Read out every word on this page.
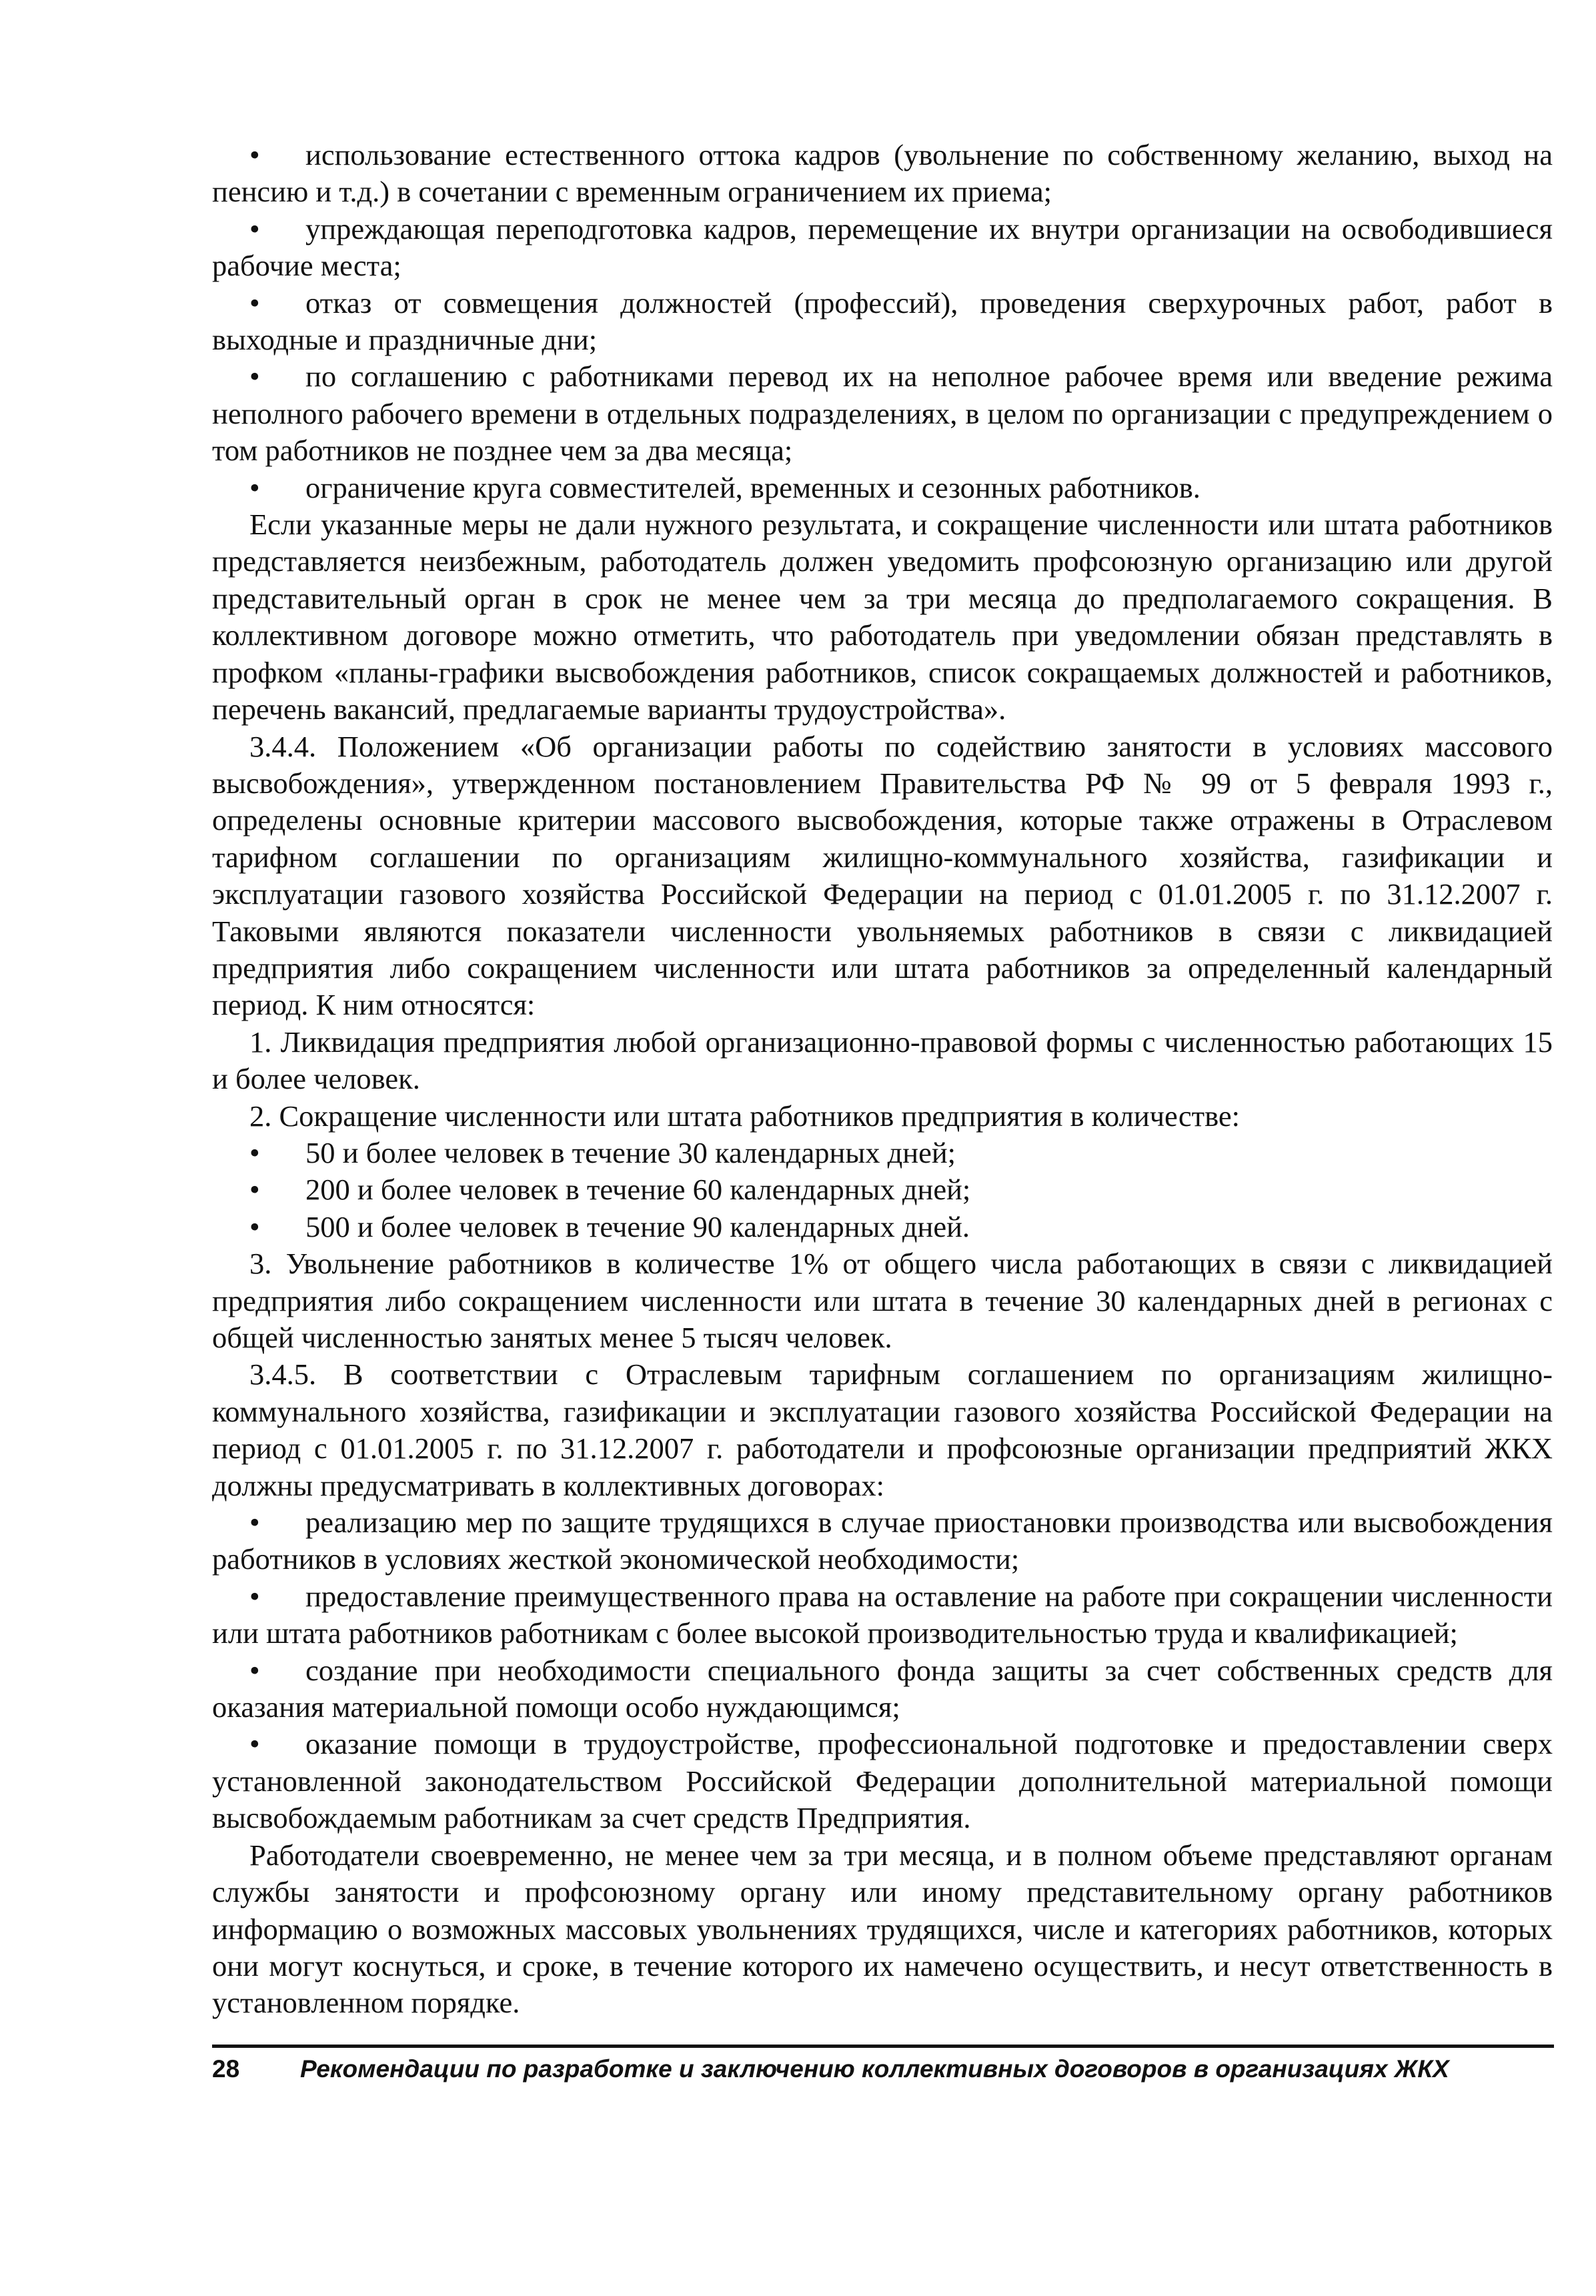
• использование естественного оттока кадров (увольнение по собственному желанию, выход на пенсию и т.д.) в сочетании с временным ограничением их приема;

• упреждающая переподготовка кадров, перемещение их внутри организации на освободившиеся рабочие места;

• отказ от совмещения должностей (профессий), проведения сверхурочных работ, работ в выходные и праздничные дни;

• по соглашению с работниками перевод их на неполное рабочее время или введение режима неполного рабочего времени в отдельных подразделениях, в целом по организации с предупреждением о том работников не позднее чем за два месяца;

• ограничение круга совместителей, временных и сезонных работников.

Если указанные меры не дали нужного результата, и сокращение численности или штата работников представляется неизбежным, работодатель должен уведомить профсоюзную организацию или другой представительный орган в срок не менее чем за три месяца до предполагаемого сокращения. В коллективном договоре можно отметить, что работодатель при уведомлении обязан представлять в профком «планы-графики высвобождения работников, список сокращаемых должностей и работников, перечень вакансий, предлагаемые варианты трудоустройства».

3.4.4. Положением «Об организации работы по содействию занятости в условиях массового высвобождения», утвержденном постановлением Правительства РФ № 99 от 5 февраля 1993 г., определены основные критерии массового высвобождения, которые также отражены в Отраслевом тарифном соглашении по организациям жилищно-коммунального хозяйства, газификации и эксплуатации газового хозяйства Российской Федерации на период с 01.01.2005 г. по 31.12.2007 г. Таковыми являются показатели численности увольняемых работников в связи с ликвидацией предприятия либо сокращением численности или штата работников за определенный календарный период. К ним относятся:

1. Ликвидация предприятия любой организационно-правовой формы с численностью работающих 15 и более человек.

2. Сокращение численности или штата работников предприятия в количестве:

• 50 и более человек в течение 30 календарных дней;

• 200 и более человек в течение 60 календарных дней;

• 500 и более человек в течение 90 календарных дней.

3. Увольнение работников в количестве 1% от общего числа работающих в связи с ликвидацией предприятия либо сокращением численности или штата в течение 30 календарных дней в регионах с общей численностью занятых менее 5 тысяч человек.

3.4.5. В соответствии с Отраслевым тарифным соглашением по организациям жилищно-коммунального хозяйства, газификации и эксплуатации газового хозяйства Российской Федерации на период с 01.01.2005 г. по 31.12.2007 г. работодатели и профсоюзные организации предприятий ЖКХ должны предусматривать в коллективных договорах:

• реализацию мер по защите трудящихся в случае приостановки производства или высвобождения работников в условиях жесткой экономической необходимости;

• предоставление преимущественного права на оставление на работе при сокращении численности или штата работников работникам с более высокой производительностью труда и квалификацией;

• создание при необходимости специального фонда защиты за счет собственных средств для оказания материальной помощи особо нуждающимся;

• оказание помощи в трудоустройстве, профессиональной подготовке и предоставлении сверх установленной законодательством Российской Федерации дополнительной материальной помощи высвобождаемым работникам за счет средств Предприятия.

Работодатели своевременно, не менее чем за три месяца, и в полном объеме представляют органам службы занятости и профсоюзному органу или иному представительному органу работников информацию о возможных массовых увольнениях трудящихся, числе и категориях работников, которых они могут коснуться, и сроке, в течение которого их намечено осуществить, и несут ответственность в установленном порядке.

28 Рекомендации по разработке и заключению коллективных договоров в организациях ЖКХ
